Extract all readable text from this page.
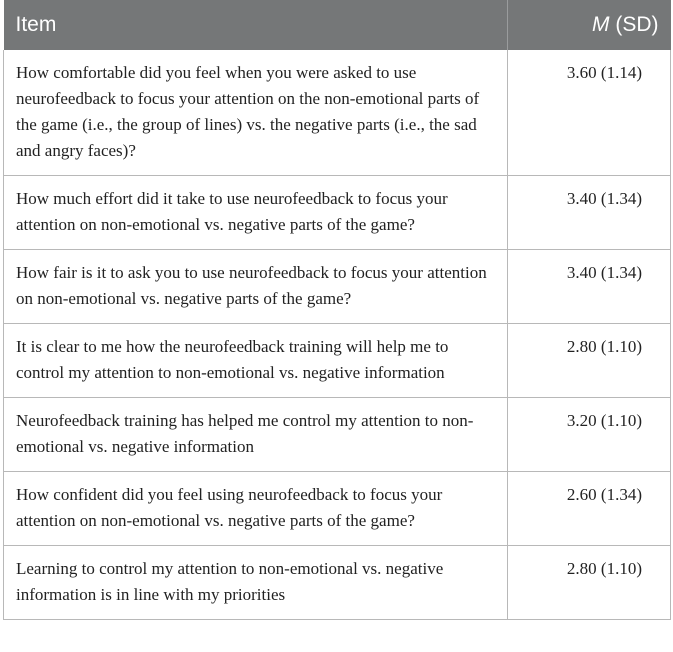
Item	M (SD)
How comfortable did you feel when you were asked to use neurofeedback to focus your attention on the non-emotional parts of the game (i.e., the group of lines) vs. the negative parts (i.e., the sad and angry faces)?	3.60 (1.14)
How much effort did it take to use neurofeedback to focus your attention on non-emotional vs. negative parts of the game?	3.40 (1.34)
How fair is it to ask you to use neurofeedback to focus your attention on non-emotional vs. negative parts of the game?	3.40 (1.34)
It is clear to me how the neurofeedback training will help me to control my attention to non-emotional vs. negative information	2.80 (1.10)
Neurofeedback training has helped me control my attention to non-emotional vs. negative information	3.20 (1.10)
How confident did you feel using neurofeedback to focus your attention on non-emotional vs. negative parts of the game?	2.60 (1.34)
Learning to control my attention to non-emotional vs. negative information is in line with my priorities	2.80 (1.10)
